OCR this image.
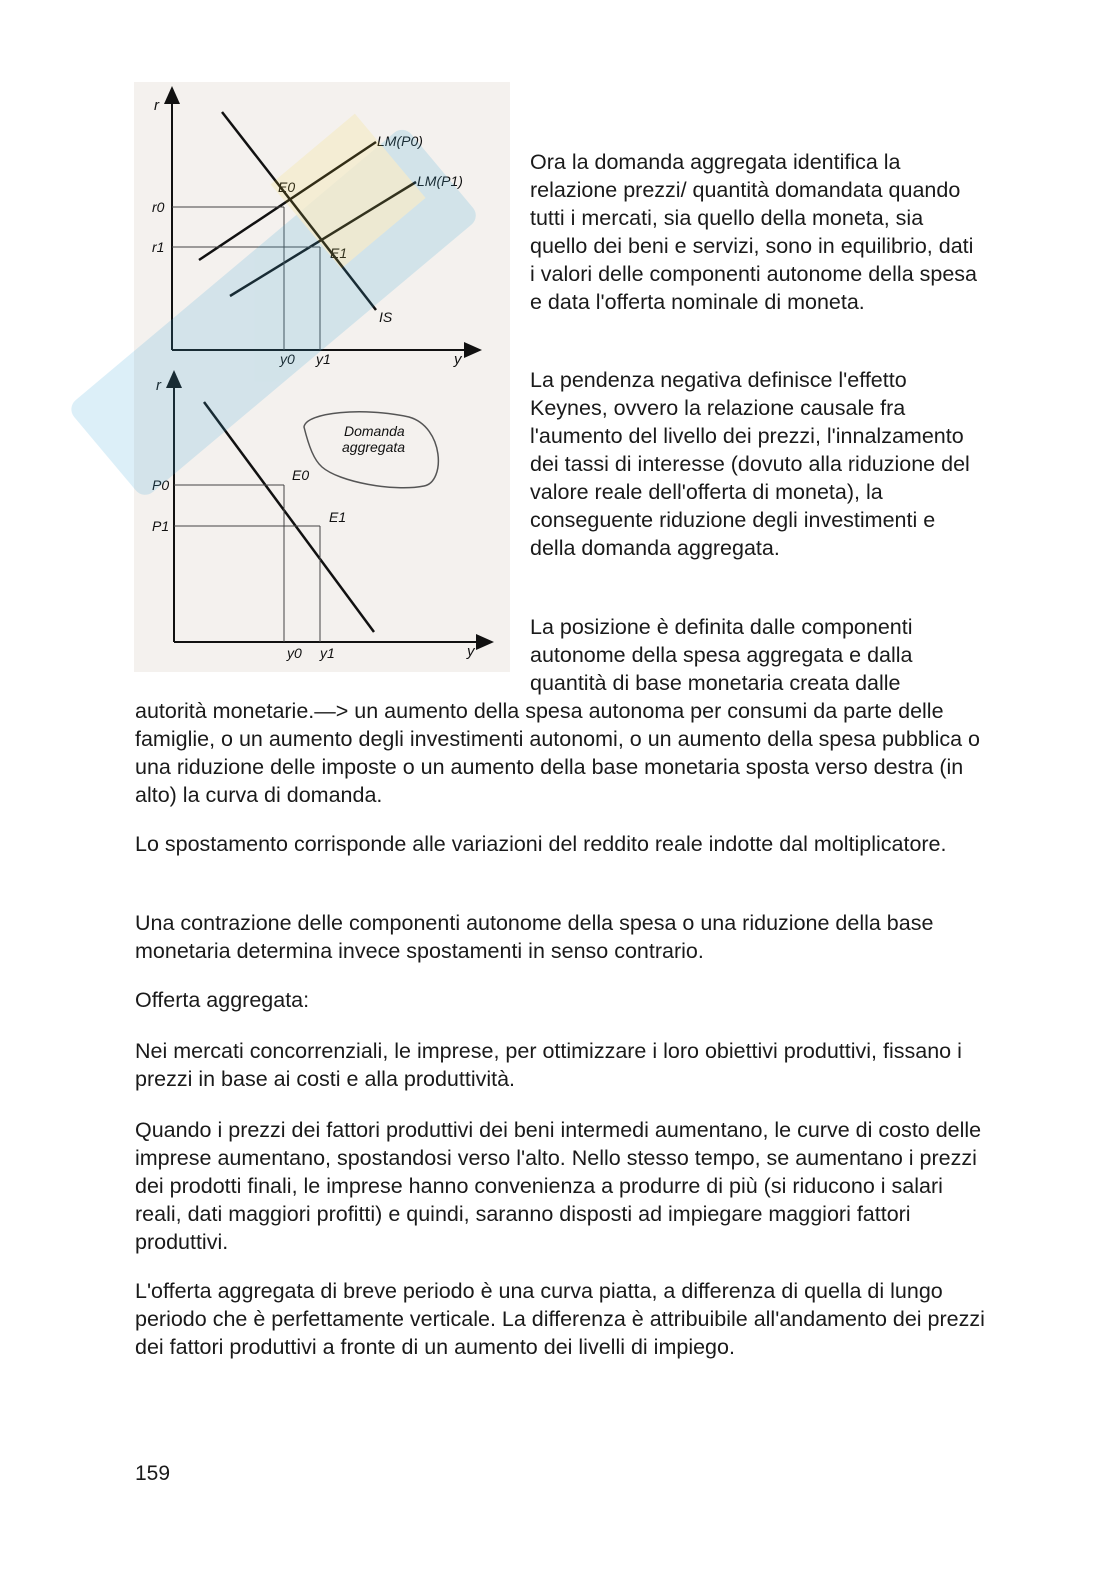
r
y
LM(P0)
LM(P1)
IS
E0
E1
r0
r1
y0 y1
Domanda
aggregata
r
y
E0
E1
P0
P1
y0 y1

Ora la domanda aggregata identifica la relazione prezzi/ quantità domandata quando tutti i mercati, sia quello della moneta, sia quello dei beni e servizi, sono in equilibrio, dati i valori delle componenti autonome della spesa e data l'offerta nominale di moneta.

La pendenza negativa definisce l'effetto Keynes, ovvero la relazione causale fra l'aumento del livello dei prezzi, l'innalzamento dei tassi di interesse (dovuto alla riduzione del valore reale dell'offerta di moneta), la conseguente riduzione degli investimenti e della domanda aggregata.

La posizione è definita dalle componenti autonome della spesa aggregata e dalla quantità di base monetaria creata dalle

autorità monetarie.—> un aumento della spesa autonoma per consumi da parte delle famiglie, o un aumento degli investimenti autonomi, o un aumento della spesa pubblica o una riduzione delle imposte o un aumento della base monetaria sposta verso destra (in alto) la curva di domanda.

Lo spostamento corrisponde alle variazioni del reddito reale indotte dal moltiplicatore.

Una contrazione delle componenti autonome della spesa o una riduzione della base monetaria determina invece spostamenti in senso contrario.

Offerta aggregata:

Nei mercati concorrenziali, le imprese, per ottimizzare i loro obiettivi produttivi, fissano i prezzi in base ai costi e alla produttività.

Quando i prezzi dei fattori produttivi dei beni intermedi aumentano, le curve di costo delle imprese aumentano, spostandosi verso l'alto. Nello stesso tempo, se aumentano i prezzi dei prodotti finali, le imprese hanno convenienza a produrre di più (si riducono i salari reali, dati maggiori profitti) e quindi, saranno disposti ad impiegare maggiori fattori produttivi.

L'offerta aggregata di breve periodo è una curva piatta, a differenza di quella di lungo periodo che è perfettamente verticale. La differenza è attribuibile all'andamento dei prezzi dei fattori produttivi a fronte di un aumento dei livelli di impiego.

159
